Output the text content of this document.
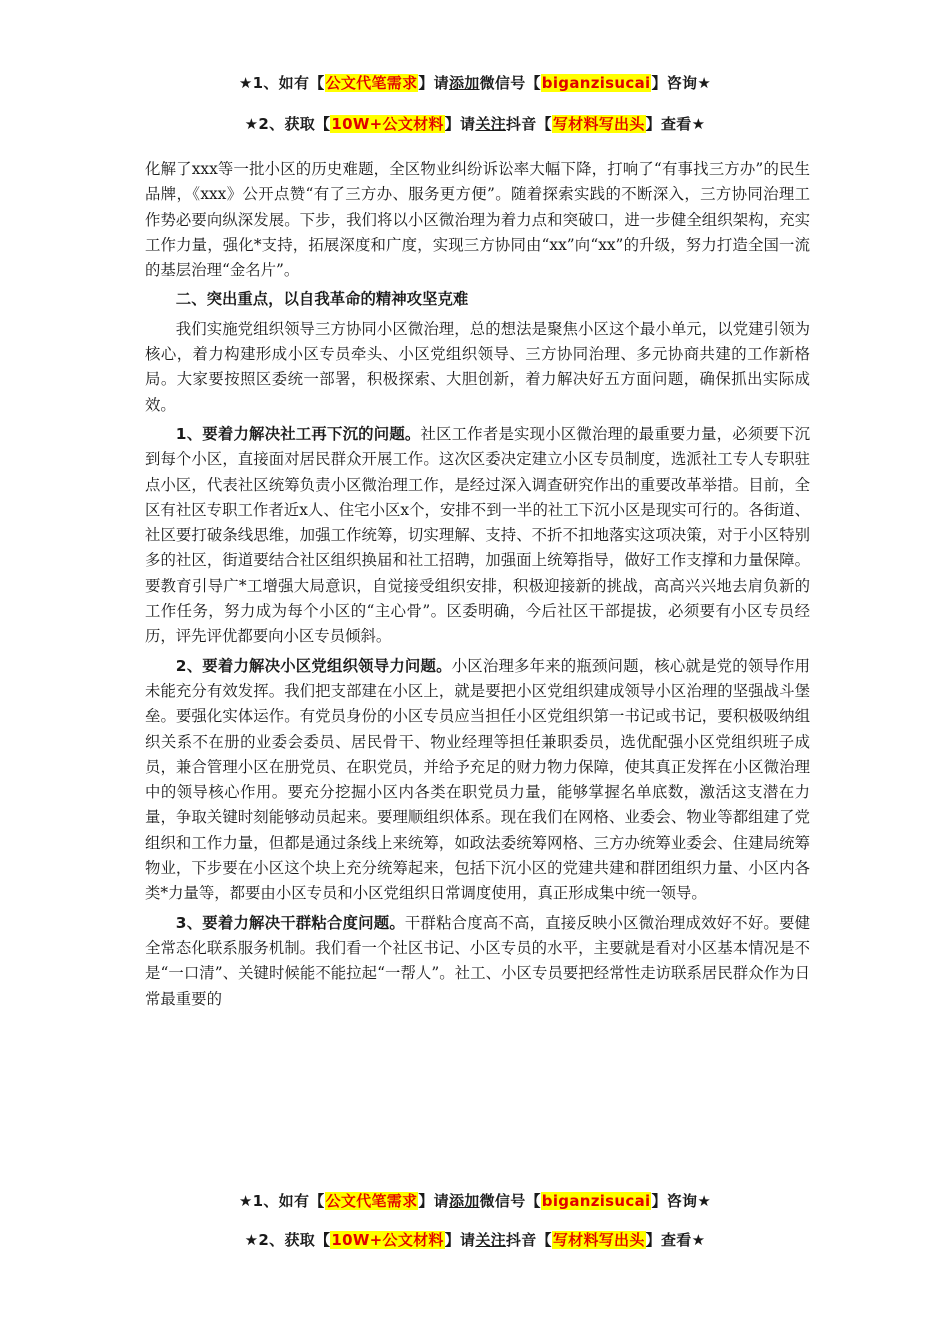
★1、如有【公文代笔需求】请添加微信号【biganzisucai】咨询★
★2、获取【10W+公文材料】请关注抖音【写材料写出头】查看★

化解了xxx等一批小区的历史难题，全区物业纠纷诉讼率大幅下降，打响了“有事找三方办”的民生品牌，《xxx》公开点赞“有了三方办、服务更方便”。随着探索实践的不断深入，三方协同治理工作势必要向纵深发展。下步，我们将以小区微治理为着力点和突破口，进一步健全组织架构，充实工作力量，强化*支持，拓展深度和广度，实现三方协同由“xx”向“xx”的升级，努力打造全国一流的基层治理“金名片”。

二、突出重点，以自我革命的精神攻坚克难

我们实施党组织领导三方协同小区微治理，总的想法是聚焦小区这个最小单元，以党建引领为核心，着力构建形成小区专员牵头、小区党组织领导、三方协同治理、多元协商共建的工作新格局。大家要按照区委统一部署，积极探索、大胆创新，着力解决好五方面问题，确保抓出实际成效。

1、要着力解决社工再下沉的问题。社区工作者是实现小区微治理的最重要力量，必须要下沉到每个小区，直接面对居民群众开展工作。这次区委决定建立小区专员制度，选派社工专人专职驻点小区，代表社区统筹负责小区微治理工作，是经过深入调查研究作出的重要改革举措。目前，全区有社区专职工作者近x人、住宅小区x个，安排不到一半的社工下沉小区是现实可行的。各街道、社区要打破条线思维，加强工作统筹，切实理解、支持、不折不扣地落实这项决策，对于小区特别多的社区，街道要结合社区组织换届和社工招聘，加强面上统筹指导，做好工作支撑和力量保障。要教育引导广*工增强大局意识，自觉接受组织安排，积极迎接新的挑战，高高兴兴地去肩负新的工作任务，努力成为每个小区的“主心骨”。区委明确，今后社区干部提拔，必须要有小区专员经历，评先评优都要向小区专员倾斜。

2、要着力解决小区党组织领导力问题。小区治理多年来的瓶颈问题，核心就是党的领导作用未能充分有效发挥。我们把支部建在小区上，就是要把小区党组织建成领导小区治理的坚强战斗堡垒。要强化实体运作。有党员身份的小区专员应当担任小区党组织第一书记或书记，要积极吸纳组织关系不在册的业委会委员、居民骨干、物业经理等担任兼职委员，选优配强小区党组织班子成员，兼合管理小区在册党员、在职党员，并给予充足的财力物力保障，使其真正发挥在小区微治理中的领导核心作用。要充分挖掘小区内各类在职党员力量，能够掌握名单底数，激活这支潜在力量，争取关键时刻能够动员起来。要理顺组织体系。现在我们在网格、业委会、物业等都组建了党组织和工作力量，但都是通过条线上来统筹，如政法委统筹网格、三方办统筹业委会、住建局统筹物业，下步要在小区这个块上充分统筹起来，包括下沉小区的党建共建和群团组织力量、小区内各类*力量等，都要由小区专员和小区党组织日常调度使用，真正形成集中统一领导。

3、要着力解决干群粘合度问题。干群粘合度高不高，直接反映小区微治理成效好不好。要健全常态化联系服务机制。我们看一个社区书记、小区专员的水平，主要就是看对小区基本情况是不是“一口清”、关键时候能不能拉起“一帮人”。社工、小区专员要把经常性走访联系居民群众作为日常最重要的

★1、如有【公文代笔需求】请添加微信号【biganzisucai】咨询★
★2、获取【10W+公文材料】请关注抖音【写材料写出头】查看★
